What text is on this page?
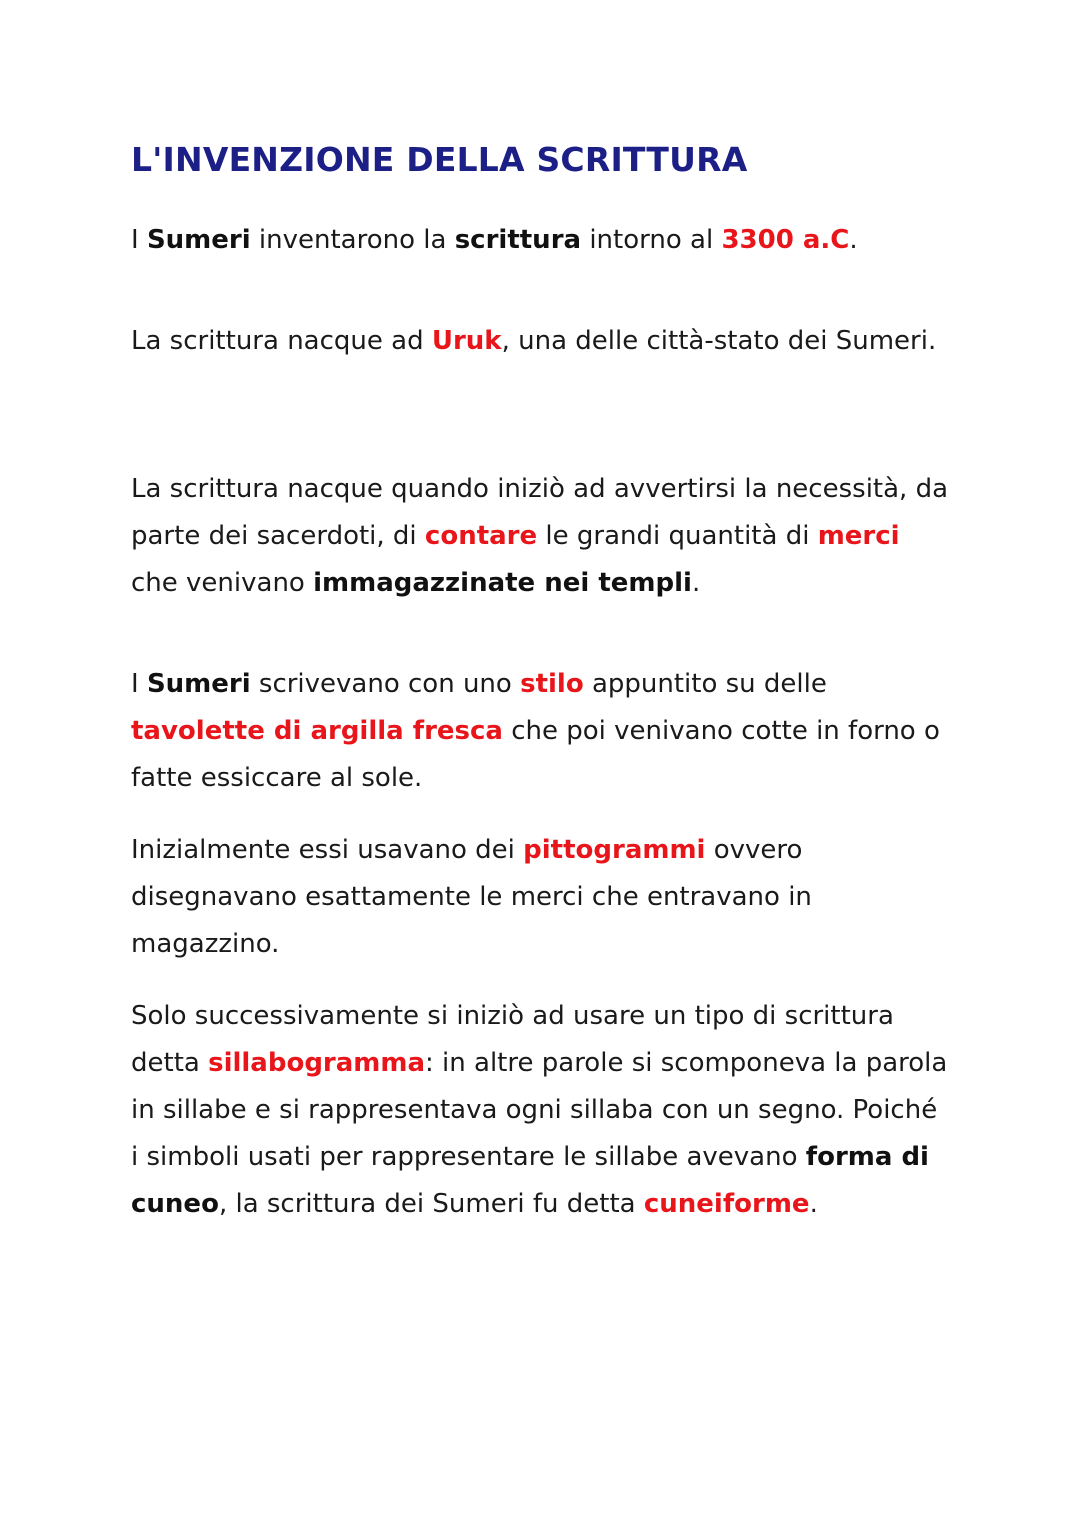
L'INVENZIONE DELLA SCRITTURA

I Sumeri inventarono la scrittura intorno al 3300 a.C.

La scrittura nacque ad Uruk, una delle città-stato dei Sumeri.

La scrittura nacque quando iniziò ad avvertirsi la necessità, da parte dei sacerdoti, di contare le grandi quantità di merci che venivano immagazzinate nei templi.

I Sumeri scrivevano con uno stilo appuntito su delle tavolette di argilla fresca che poi venivano cotte in forno o fatte essiccare al sole.

Inizialmente essi usavano dei pittogrammi ovvero disegnavano esattamente le merci che entravano in magazzino.

Solo successivamente si iniziò ad usare un tipo di scrittura detta sillabogramma: in altre parole si scomponeva la parola in sillabe e si rappresentava ogni sillaba con un segno. Poiché i simboli usati per rappresentare le sillabe avevano forma di cuneo, la scrittura dei Sumeri fu detta cuneiforme.
